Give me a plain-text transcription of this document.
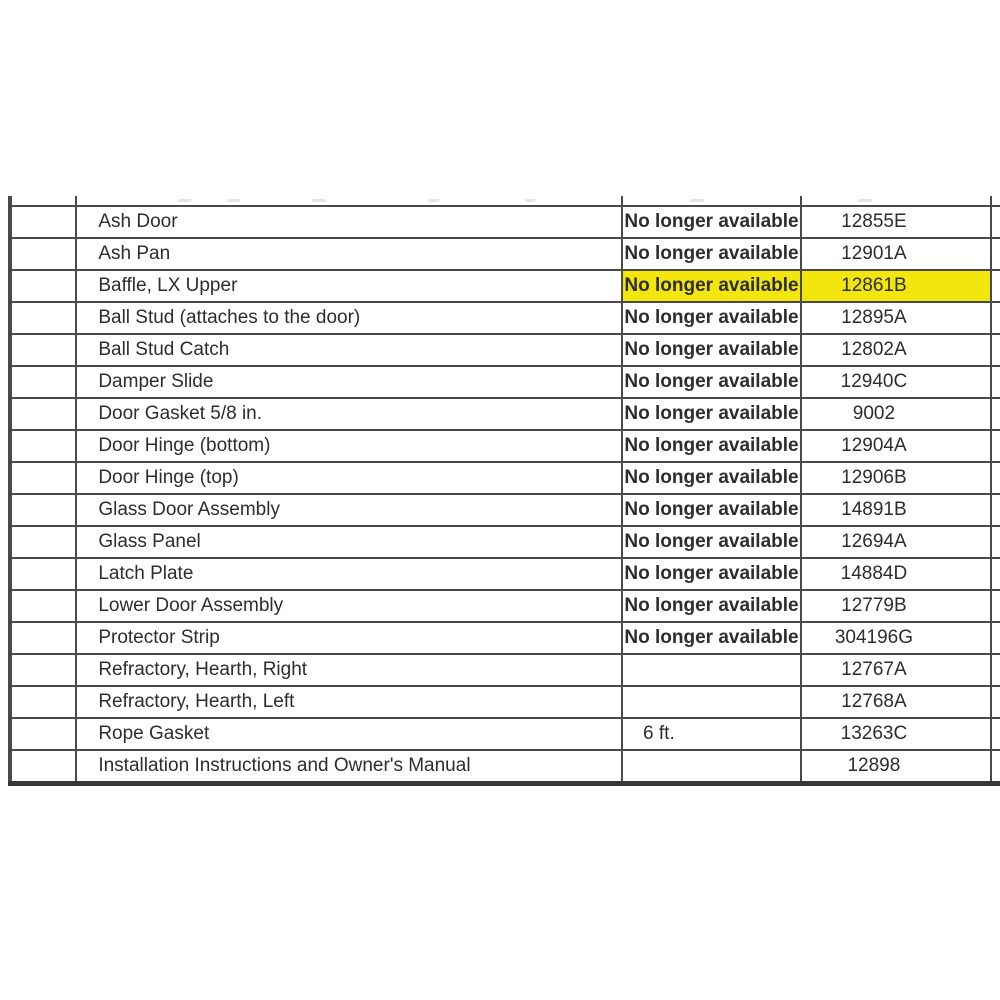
	Ash Door	No longer available	12855E	
	Ash Pan	No longer available	12901A	
	Baffle, LX Upper	No longer available	12861B	
	Ball Stud (attaches to the door)	No longer available	12895A	
	Ball Stud Catch	No longer available	12802A	
	Damper Slide	No longer available	12940C	
	Door Gasket 5/8 in.	No longer available	9002	
	Door Hinge (bottom)	No longer available	12904A	
	Door Hinge (top)	No longer available	12906B	
	Glass Door Assembly	No longer available	14891B	
	Glass Panel	No longer available	12694A	
	Latch Plate	No longer available	14884D	
	Lower Door Assembly	No longer available	12779B	
	Protector Strip	No longer available	304196G	
	Refractory, Hearth, Right		12767A	
	Refractory, Hearth, Left		12768A	
	Rope Gasket	6 ft.	13263C	
	Installation Instructions and Owner's Manual		12898	
